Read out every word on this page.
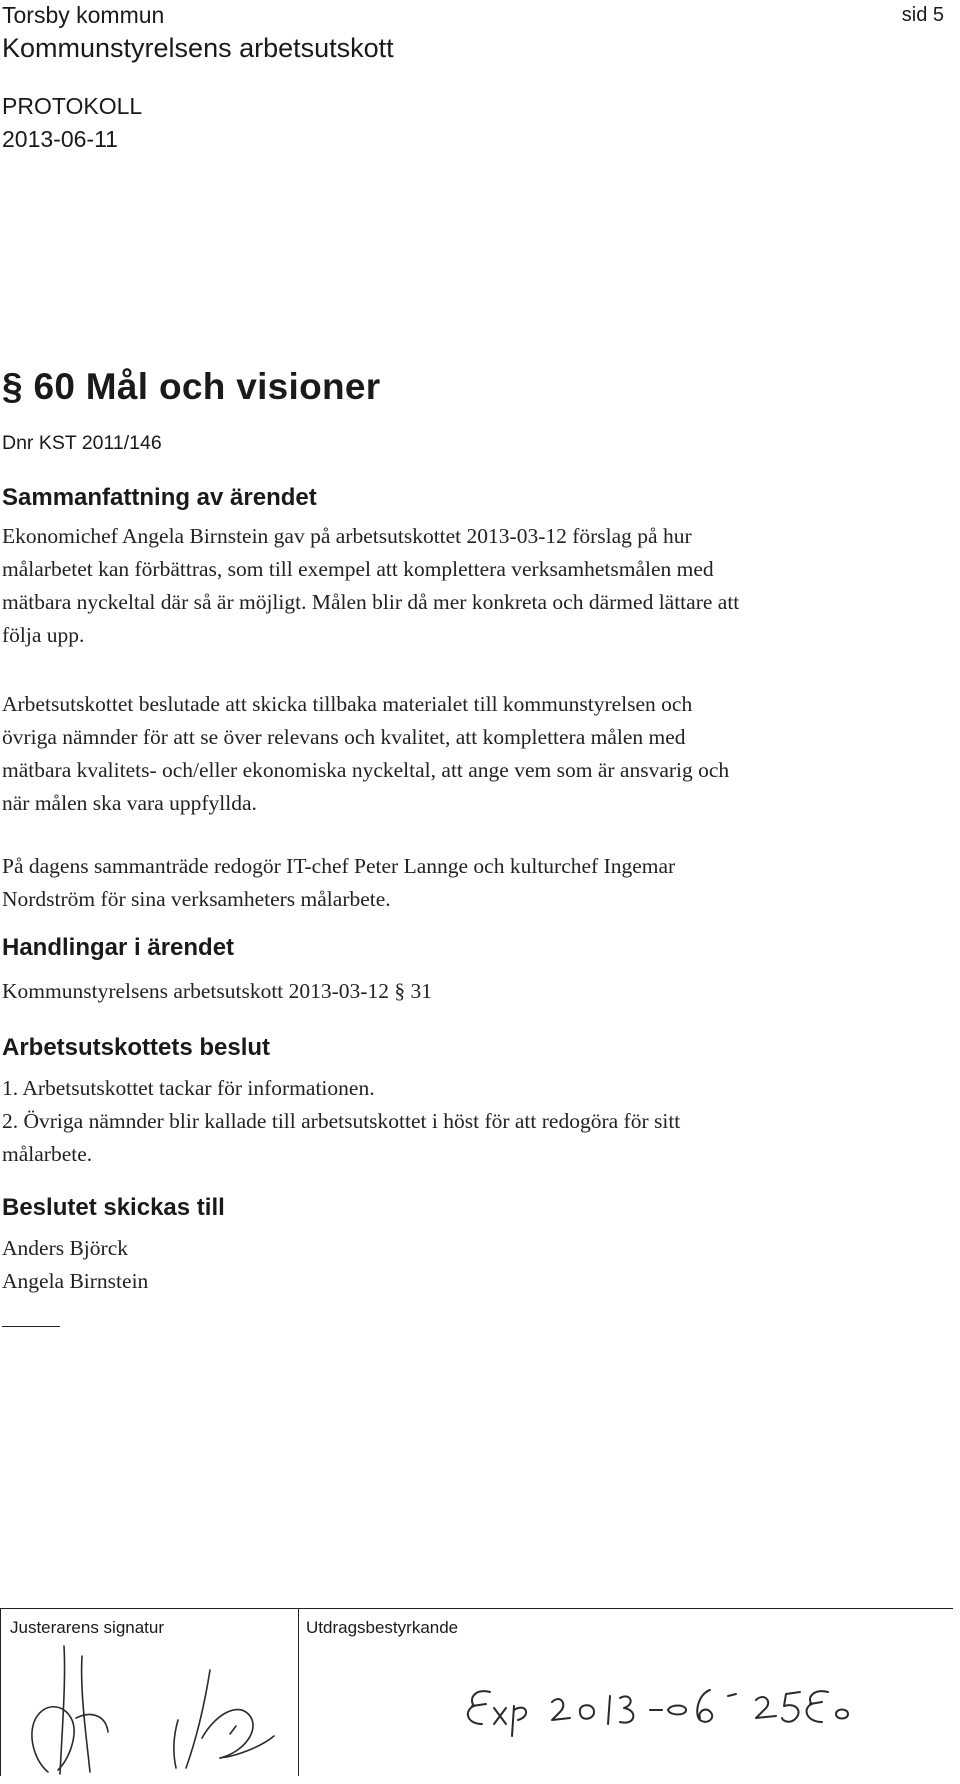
Torsby kommun	sid 5
Kommunstyrelsens arbetsutskott
PROTOKOLL
2013-06-11
§ 60 Mål och visioner
Dnr KST 2011/146
Sammanfattning av ärendet
Ekonomichef Angela Birnstein gav på arbetsutskottet 2013-03-12 förslag på hur
målarbetet kan förbättras, som till exempel att komplettera verksamhetsmålen med
mätbara nyckeltal där så är möjligt. Målen blir då mer konkreta och därmed lättare att
följa upp.
Arbetsutskottet beslutade att skicka tillbaka materialet till kommunstyrelsen och
övriga nämnder för att se över relevans och kvalitet, att komplettera målen med
mätbara kvalitets- och/eller ekonomiska nyckeltal, att ange vem som är ansvarig och
när målen ska vara uppfyllda.
På dagens sammanträde redogör IT-chef Peter Lannge och kulturchef Ingemar
Nordström för sina verksamheters målarbete.
Handlingar i ärendet
Kommunstyrelsens arbetsutskott 2013-03-12 § 31
Arbetsutskottets beslut
1. Arbetsutskottet tackar för informationen.
2. Övriga nämnder blir kallade till arbetsutskottet i höst för att redogöra för sitt
målarbete.
Beslutet skickas till
Anders Björck
Angela Birnstein
Justerarens signatur	Utdragsbestyrkande
